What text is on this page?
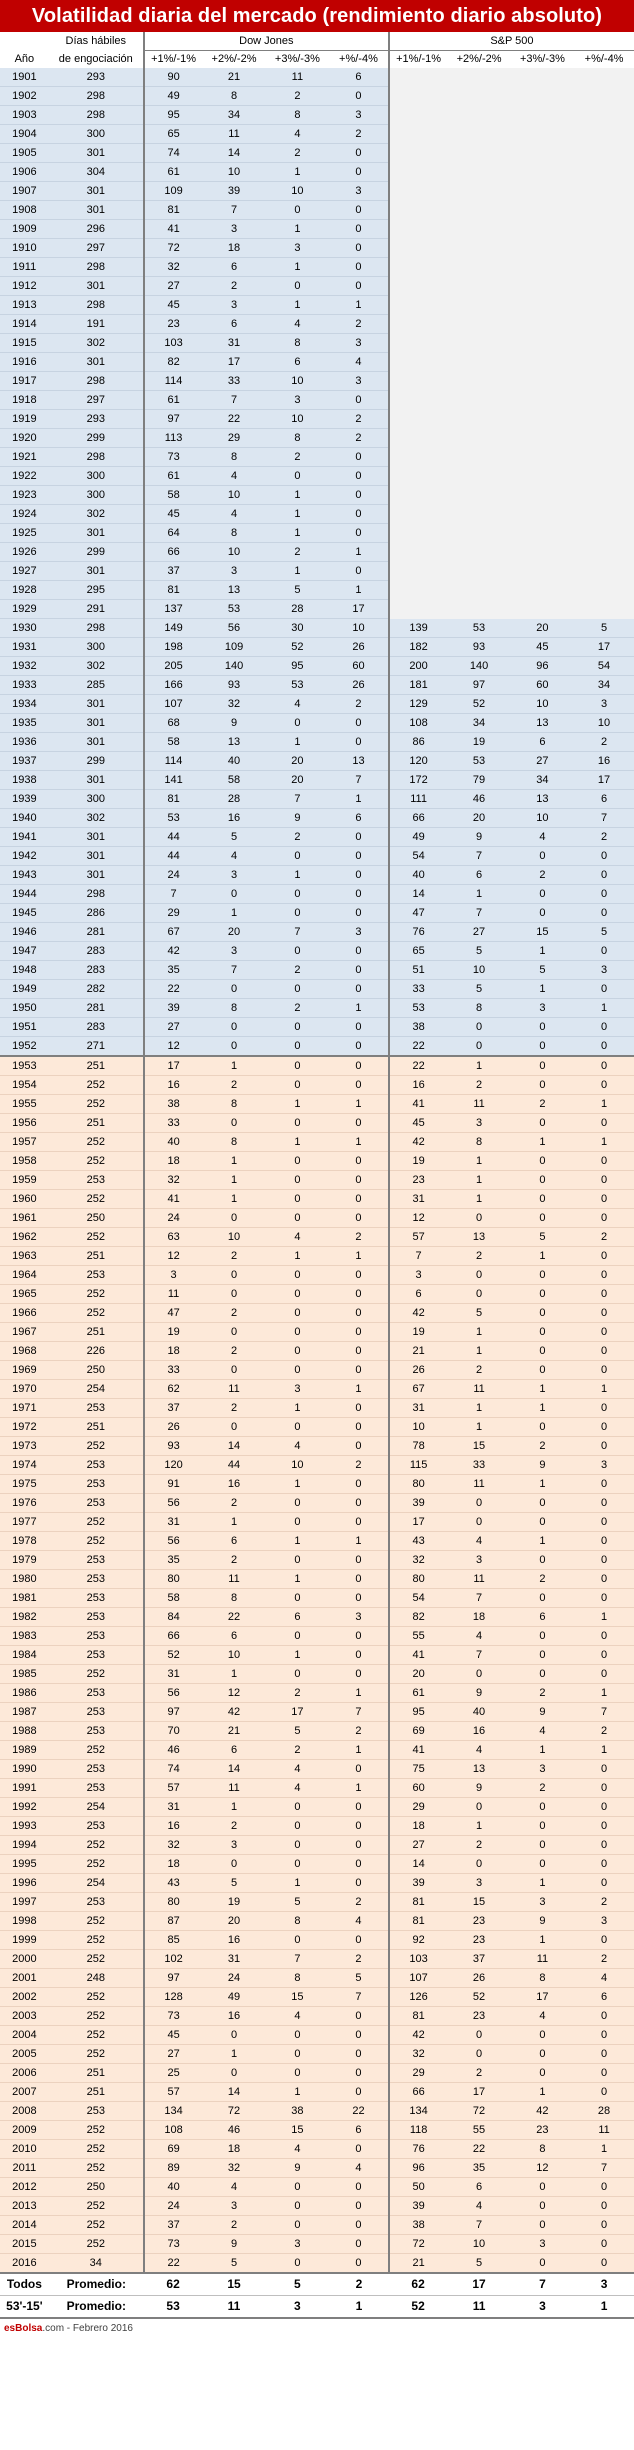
Volatilidad diaria del mercado (rendimiento diario absoluto)
	Días hábiles	Dow Jones				S&P 500			
Año	de engociación	+1%/-1%	+2%/-2%	+3%/-3%	+%/-4%	+1%/-1%	+2%/-2%	+3%/-3%	+%/-4%
1901	293	90	21	11	6				
1902	298	49	8	2	0				
1903	298	95	34	8	3				
1904	300	65	11	4	2				
1905	301	74	14	2	0				
1906	304	61	10	1	0				
1907	301	109	39	10	3				
1908	301	81	7	0	0				
1909	296	41	3	1	0				
1910	297	72	18	3	0				
1911	298	32	6	1	0				
1912	301	27	2	0	0				
1913	298	45	3	1	1				
1914	191	23	6	4	2				
1915	302	103	31	8	3				
1916	301	82	17	6	4				
1917	298	114	33	10	3				
1918	297	61	7	3	0				
1919	293	97	22	10	2				
1920	299	113	29	8	2				
1921	298	73	8	2	0				
1922	300	61	4	0	0				
1923	300	58	10	1	0				
1924	302	45	4	1	0				
1925	301	64	8	1	0				
1926	299	66	10	2	1				
1927	301	37	3	1	0				
1928	295	81	13	5	1				
1929	291	137	53	28	17				
1930	298	149	56	30	10	139	53	20	5
1931	300	198	109	52	26	182	93	45	17
1932	302	205	140	95	60	200	140	96	54
1933	285	166	93	53	26	181	97	60	34
1934	301	107	32	4	2	129	52	10	3
1935	301	68	9	0	0	108	34	13	10
1936	301	58	13	1	0	86	19	6	2
1937	299	114	40	20	13	120	53	27	16
1938	301	141	58	20	7	172	79	34	17
1939	300	81	28	7	1	111	46	13	6
1940	302	53	16	9	6	66	20	10	7
1941	301	44	5	2	0	49	9	4	2
1942	301	44	4	0	0	54	7	0	0
1943	301	24	3	1	0	40	6	2	0
1944	298	7	0	0	0	14	1	0	0
1945	286	29	1	0	0	47	7	0	0
1946	281	67	20	7	3	76	27	15	5
1947	283	42	3	0	0	65	5	1	0
1948	283	35	7	2	0	51	10	5	3
1949	282	22	0	0	0	33	5	1	0
1950	281	39	8	2	1	53	8	3	1
1951	283	27	0	0	0	38	0	0	0
1952	271	12	0	0	0	22	0	0	0
1953	251	17	1	0	0	22	1	0	0
1954	252	16	2	0	0	16	2	0	0
1955	252	38	8	1	1	41	11	2	1
1956	251	33	0	0	0	45	3	0	0
1957	252	40	8	1	1	42	8	1	1
1958	252	18	1	0	0	19	1	0	0
1959	253	32	1	0	0	23	1	0	0
1960	252	41	1	0	0	31	1	0	0
1961	250	24	0	0	0	12	0	0	0
1962	252	63	10	4	2	57	13	5	2
1963	251	12	2	1	1	7	2	1	0
1964	253	3	0	0	0	3	0	0	0
1965	252	11	0	0	0	6	0	0	0
1966	252	47	2	0	0	42	5	0	0
1967	251	19	0	0	0	19	1	0	0
1968	226	18	2	0	0	21	1	0	0
1969	250	33	0	0	0	26	2	0	0
1970	254	62	11	3	1	67	11	1	1
1971	253	37	2	1	0	31	1	1	0
1972	251	26	0	0	0	10	1	0	0
1973	252	93	14	4	0	78	15	2	0
1974	253	120	44	10	2	115	33	9	3
1975	253	91	16	1	0	80	11	1	0
1976	253	56	2	0	0	39	0	0	0
1977	252	31	1	0	0	17	0	0	0
1978	252	56	6	1	1	43	4	1	0
1979	253	35	2	0	0	32	3	0	0
1980	253	80	11	1	0	80	11	2	0
1981	253	58	8	0	0	54	7	0	0
1982	253	84	22	6	3	82	18	6	1
1983	253	66	6	0	0	55	4	0	0
1984	253	52	10	1	0	41	7	0	0
1985	252	31	1	0	0	20	0	0	0
1986	253	56	12	2	1	61	9	2	1
1987	253	97	42	17	7	95	40	9	7
1988	253	70	21	5	2	69	16	4	2
1989	252	46	6	2	1	41	4	1	1
1990	253	74	14	4	0	75	13	3	0
1991	253	57	11	4	1	60	9	2	0
1992	254	31	1	0	0	29	0	0	0
1993	253	16	2	0	0	18	1	0	0
1994	252	32	3	0	0	27	2	0	0
1995	252	18	0	0	0	14	0	0	0
1996	254	43	5	1	0	39	3	1	0
1997	253	80	19	5	2	81	15	3	2
1998	252	87	20	8	4	81	23	9	3
1999	252	85	16	0	0	92	23	1	0
2000	252	102	31	7	2	103	37	11	2
2001	248	97	24	8	5	107	26	8	4
2002	252	128	49	15	7	126	52	17	6
2003	252	73	16	4	0	81	23	4	0
2004	252	45	0	0	0	42	0	0	0
2005	252	27	1	0	0	32	0	0	0
2006	251	25	0	0	0	29	2	0	0
2007	251	57	14	1	0	66	17	1	0
2008	253	134	72	38	22	134	72	42	28
2009	252	108	46	15	6	118	55	23	11
2010	252	69	18	4	0	76	22	8	1
2011	252	89	32	9	4	96	35	12	7
2012	250	40	4	0	0	50	6	0	0
2013	252	24	3	0	0	39	4	0	0
2014	252	37	2	0	0	38	7	0	0
2015	252	73	9	3	0	72	10	3	0
2016	34	22	5	0	0	21	5	0	0
Todos	Promedio:	62	15	5	2	62	17	7	3
53'-15'	Promedio:	53	11	3	1	52	11	3	1
esBolsa.com - Febrero 2016
